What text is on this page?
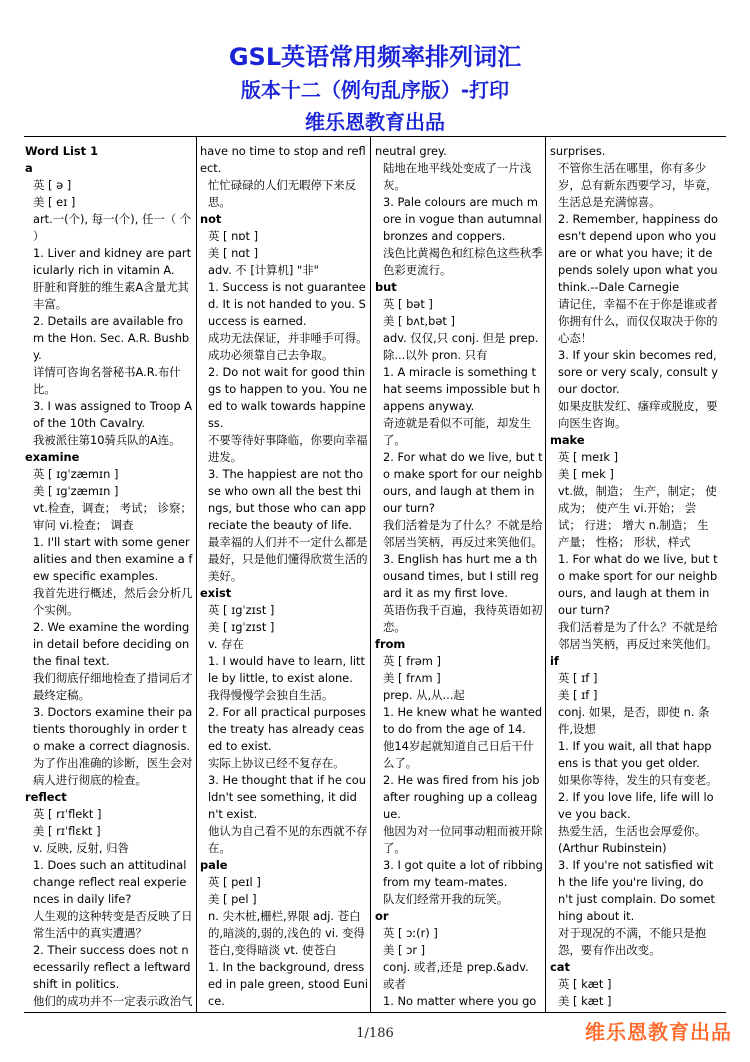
GSL英语常用频率排列词汇
版本十二（例句乱序版）-打印
维乐恩教育出品
Word List 1
a
英 [ ə ]
美 [ eɪ ]
art.一(个), 每一(个), 任一（ 个 ）
1. Liver and kidney are particularly rich in vitamin A.
肝脏和肾脏的维生素A含量尤其丰富。
2. Details are available from the Hon. Sec. A.R. Bushby.
详情可咨询名誉秘书A.R.布什比。
3. I was assigned to Troop A of the 10th Cavalry.
我被派往第10骑兵队的A连。
examine
英 [ ɪgˈzæmɪn ]
美 [ ɪgˈzæmɪn ]
vt.检查，调查； 考试； 诊察； 审问 vi.检查； 调查
1. I'll start with some generalities and then examine a few specific examples.
我首先进行概述，然后会分析几个实例。
2. We examine the wording in detail before deciding on the final text.
我们彻底仔细地检查了措词后才最终定稿。
3. Doctors examine their patients thoroughly in order to make a correct diagnosis.
为了作出准确的诊断，医生会对病人进行彻底的检查。
reflect
英 [ rɪˈflekt ]
美 [ rɪˈflɛkt ]
v. 反映, 反射, 归咎
1. Does such an attitudinal change reflect real experiences in daily life?
人生观的这种转变是否反映了日常生活中的真实遭遇？
2. Their success does not necessarily reflect a leftward shift in politics.
他们的成功并不一定表示政治气
have no time to stop and reflect.
忙忙碌碌的人们无暇停下来反思。
not
英 [ nɒt ]
美 [ nɑt ]
adv. 不 [计算机] "非"
1. Success is not guaranteed. It is not handed to you. Success is earned.
成功无法保证，并非唾手可得。成功必须靠自己去争取。
2. Do not wait for good things to happen to you. You need to walk towards happiness.
不要等待好事降临，你要向幸福进发。
3. The happiest are not those who own all the best things, but those who can appreciate the beauty of life.
最幸福的人们并不一定什么都是最好，只是他们懂得欣赏生活的美好。
exist
英 [ ɪgˈzɪst ]
美 [ ɪgˈzɪst ]
v. 存在
1. I would have to learn, little by little, to exist alone.
我得慢慢学会独自生活。
2. For all practical purposes the treaty has already ceased to exist.
实际上协议已经不复存在。
3. He thought that if he couldn't see something, it didn't exist.
他认为自己看不见的东西就不存在。
pale
英 [ peɪl ]
美 [ pel ]
n. 尖木桩,栅栏,界限 adj. 苍白的,暗淡的,弱的,浅色的 vi. 变得苍白,变得暗淡 vt. 使苍白
1. In the background, dressed in pale green, stood Eunice.
neutral grey.
陆地在地平线处变成了一片浅灰。
3. Pale colours are much more in vogue than autumnal bronzes and coppers.
浅色比黄褐色和红棕色这些秋季色彩更流行。
but
英 [ bət ]
美 [ bʌt,bət ]
adv. 仅仅,只 conj. 但是 prep. 除...以外 pron. 只有
1. A miracle is something that seems impossible but happens anyway.
奇迹就是看似不可能，却发生了。
2. For what do we live, but to make sport for our neighbours, and laugh at them in our turn?
我们活着是为了什么？不就是给邻居当笑柄，再反过来笑他们。
3. English has hurt me a thousand times, but I still regard it as my first love.
英语伤我千百遍，我待英语如初恋。
from
英 [ frəm ]
美 [ frʌm ]
prep. 从,从...起
1. He knew what he wanted to do from the age of 14.
他14岁起就知道自己日后干什么了。
2. He was fired from his job after roughing up a colleague.
他因为对一位同事动粗而被开除了。
3. I got quite a lot of ribbing from my team-mates.
队友们经常开我的玩笑。
or
英 [ ɔː(r) ]
美 [ ɔr ]
conj. 或者,还是 prep.&adv. 或者
1. No matter where you go
surprises.
不管你生活在哪里，你有多少岁，总有新东西要学习，毕竟，生活总是充满惊喜。
2. Remember, happiness doesn't depend upon who you are or what you have; it depends solely upon what you think.--Dale Carnegie
请记住，幸福不在于你是谁或者你拥有什么，而仅仅取决于你的心态！
3. If your skin becomes red, sore or very scaly, consult your doctor.
如果皮肤发红、瘙痒或脱皮，要向医生咨询。
make
英 [ meɪk ]
美 [ mek ]
vt.做，制造； 生产，制定； 使成为； 使产生 vi.开始； 尝试； 行进； 增大 n.制造； 生产量； 性格； 形状，样式
1. For what do we live, but to make sport for our neighbours, and laugh at them in our turn?
我们活着是为了什么？不就是给邻居当笑柄，再反过来笑他们。
if
英 [ ɪf ]
美 [ ɪf ]
conj. 如果，是否，即使 n. 条件,设想
1. If you wait, all that happens is that you get older.
如果你等待，发生的只有变老。
2. If you love life, life will love you back.
热爱生活，生活也会厚爱你。(Arthur Rubinstein)
3. If you're not satisfied with the life you're living, don't just complain. Do something about it.
对于现况的不满，不能只是抱怨，要有作出改变。
cat
英 [ kæt ]
美 [ kæt ]
1/186	维乐恩教育出品
